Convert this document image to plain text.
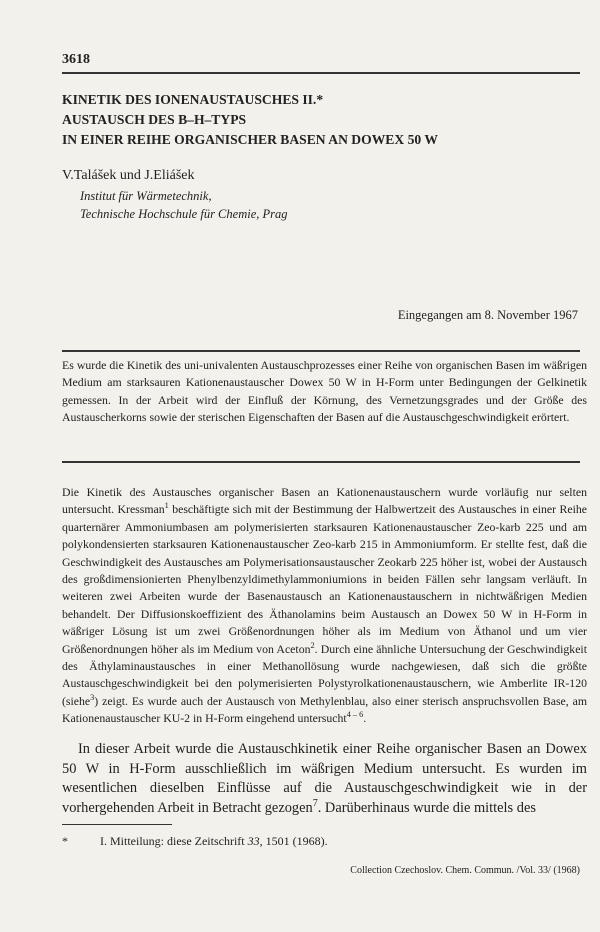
3618
KINETIK DES IONENAUSTAUSCHES II.*
AUSTAUSCH DES B–H–TYPS
IN EINER REIHE ORGANISCHER BASEN AN DOWEX 50 W
V.Talášek und J.Eliášek
Institut für Wärmetechnik,
Technische Hochschule für Chemie, Prag
Eingegangen am 8. November 1967
Es wurde die Kinetik des uni-univalenten Austauschprozesses einer Reihe von organischen Basen im wäßrigen Medium am starksauren Kationenaustauscher Dowex 50 W in H-Form unter Bedingungen der Gelkinetik gemessen. In der Arbeit wird der Einfluß der Körnung, des Vernetzungsgrades und der Größe des Austauscherkorns sowie der sterischen Eigenschaften der Basen auf die Austauschgeschwindigkeit erörtert.
Die Kinetik des Austausches organischer Basen an Kationenaustauschern wurde vorläufig nur selten untersucht. Kressman$^1$ beschäftigte sich mit der Bestimmung der Halbwertzeit des Austausches in einer Reihe quarternärer Ammoniumbasen am polymerisierten starksauren Kationenaustauscher Zeo-karb 225 und am polykondensierten starksauren Kationenaustauscher Zeo-karb 215 in Ammoniumform. Er stellte fest, daß die Geschwindigkeit des Austausches am Polymerisationsaustauscher Zeokarb 225 höher ist, wobei der Austausch des großdimensionierten Phenylbenzyldimethylammoniumions in beiden Fällen sehr langsam verläuft. In weiteren zwei Arbeiten wurde der Basenaustausch an Kationenaustauschern in nichtwäßrigen Medien behandelt. Der Diffusionskoeffizient des Äthanolamins beim Austausch an Dowex 50 W in H-Form in wäßriger Lösung ist um zwei Größenordnungen höher als im Medium von Äthanol und um vier Größenordnungen höher als im Medium von Aceton$^2$. Durch eine ähnliche Untersuchung der Geschwindigkeit des Äthylaminaustausches in einer Methanollösung wurde nachgewiesen, daß sich die größte Austauschgeschwindigkeit bei den polymerisierten Polystyrolkationenaustauschern, wie Amberlite IR-120 (siehe$^3$) zeigt. Es wurde auch der Austausch von Methylenblau, also einer sterisch anspruchsvollen Base, am Kationenaustauscher KU-2 in H-Form eingehend untersucht$^{4 - 6}$.
In dieser Arbeit wurde die Austauschkinetik einer Reihe organischer Basen an Dowex 50 W in H-Form ausschließlich im wäßrigen Medium untersucht. Es wurden im wesentlichen dieselben Einflüsse auf die Austauschgeschwindigkeit wie in der vorhergehenden Arbeit in Betracht gezogen$^7$. Darüberhinaus wurde die mittels des
*	I. Mitteilung: diese Zeitschrift 33, 1501 (1968).
Collection Czechoslov. Chem. Commun. /Vol. 33/ (1968)
